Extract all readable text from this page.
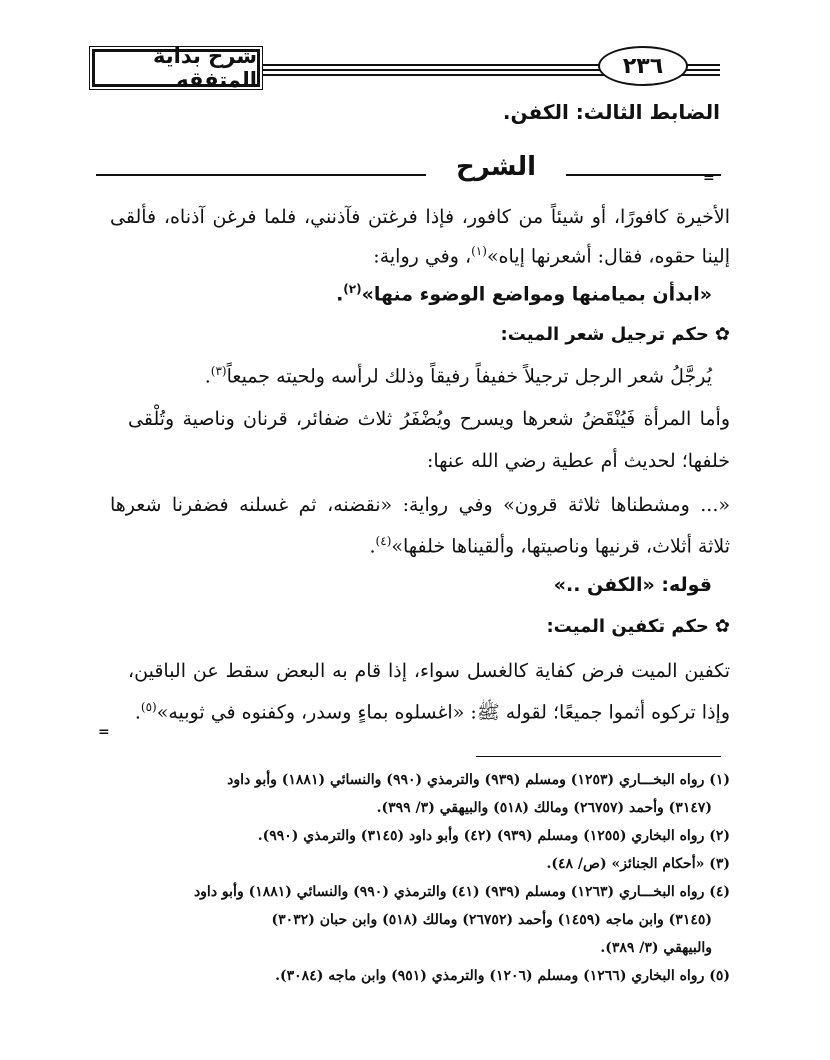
شرح بداية المتفقه
٢٣٦
الضابط الثالث: الكفن.
الشرح	=
الأخيرة كافورًا، أو شيئاً من كافور، فإذا فرغتن فآذنني، فلما فرغن آذناه، فألقى
إلينا حقوه، فقال: أشعرنها إياه»$^{(١)}$، وفي رواية:
«ابدأن بميامنها ومواضع الوضوء منها»$^{(٢)}$.
✿حكم ترجيل شعر الميت:
يُرجَّلُ شعر الرجل ترجيلاً خفيفاً رفيقاً وذلك لرأسه ولحيته جميعاً$^{(٣)}$.
وأما المرأة فَيُنْقَضُ شعرها ويسرح ويُضْفَرُ ثلاث ضفائر، قرنان وناصية وتُلْقى
خلفها؛ لحديث أم عطية رضي الله عنها:
«... ومشطناها ثلاثة قرون» وفي رواية: «نقضنه، ثم غسلنه فضفرنا شعرها
ثلاثة أثلاث، قرنيها وناصيتها، وألقيناها خلفها»$^{(٤)}$.
قوله: «الكفن ..»
✿حكم تكفين الميت:
تكفين الميت فرض كفاية كالغسل سواء، إذا قام به البعض سقط عن الباقين،
وإذا تركوه أثموا جميعًا؛ لقوله ﷺ: «اغسلوه بماءٍ وسدر، وكفنوه في ثوبيه»$^{(٥)}$.
=
(١) رواه البخـــاري (١٢٥٣) ومسلم (٩٣٩) والترمذي (٩٩٠) والنسائي (١٨٨١) وأبو داود
(٣١٤٧) وأحمد (٢٦٧٥٧) ومالك (٥١٨) والبيهقي (٣/ ٣٩٩).
(٢) رواه البخاري (١٢٥٥) ومسلم (٩٣٩) (٤٢) وأبو داود (٣١٤٥) والترمذي (٩٩٠).
(٣) «أحكام الجنائز» (ص/ ٤٨).
(٤) رواه البخـــاري (١٢٦٣) ومسلم (٩٣٩) (٤١) والترمذي (٩٩٠) والنسائي (١٨٨١) وأبو داود
(٣١٤٥) وابن ماجه (١٤٥٩) وأحمد (٢٦٧٥٢) ومالك (٥١٨) وابن حبان (٣٠٣٢)
والبيهقي (٣/ ٣٨٩).
(٥) رواه البخاري (١٢٦٦) ومسلم (١٢٠٦) والترمذي (٩٥١) وابن ماجه (٣٠٨٤).
